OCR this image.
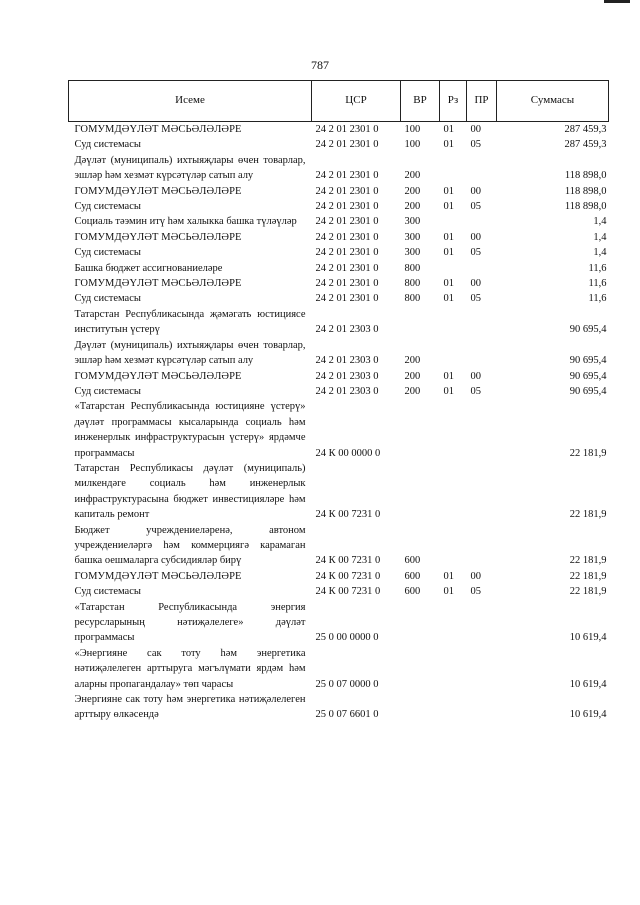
787
Исеме	ЦСР	ВР	Рз	ПР	Суммасы
ГОМУМДӘҮЛӘТ МӘСЬӘЛӘЛӘРЕ	24 2 01 2301 0	100	01	00	287 459,3
Суд системасы	24 2 01 2301 0	100	01	05	287 459,3
Дәүләт (муниципаль) ихтыяҗлары өчен товарлар, эшләр һәм хезмәт күрсәтүләр сатып алу	24 2 01 2301 0	200			118 898,0
ГОМУМДӘҮЛӘТ МӘСЬӘЛӘЛӘРЕ	24 2 01 2301 0	200	01	00	118 898,0
Суд системасы	24 2 01 2301 0	200	01	05	118 898,0
Социаль тәэмин итү һәм халыкка башка түләүләр	24 2 01 2301 0	300			1,4
ГОМУМДӘҮЛӘТ МӘСЬӘЛӘЛӘРЕ	24 2 01 2301 0	300	01	00	1,4
Суд системасы	24 2 01 2301 0	300	01	05	1,4
Башка бюджет ассигнованиеләре	24 2 01 2301 0	800			11,6
ГОМУМДӘҮЛӘТ МӘСЬӘЛӘЛӘРЕ	24 2 01 2301 0	800	01	00	11,6
Суд системасы	24 2 01 2301 0	800	01	05	11,6
Татарстан Республикасында җәмәгать юстициясе институтын үстерү	24 2 01 2303 0				90 695,4
Дәүләт (муниципаль) ихтыяҗлары өчен товарлар, эшләр һәм хезмәт күрсәтүләр сатып алу	24 2 01 2303 0	200			90 695,4
ГОМУМДӘҮЛӘТ МӘСЬӘЛӘЛӘРЕ	24 2 01 2303 0	200	01	00	90 695,4
Суд системасы	24 2 01 2303 0	200	01	05	90 695,4
«Татарстан Республикасында юстицияне үстерү» дәүләт программасы кысаларында социаль һәм инженерлык инфраструктурасын үстерү» ярдәмче программасы	24 К 00 0000 0				22 181,9
Татарстан Республикасы дәүләт (муниципаль) милкендәге социаль һәм инженерлык инфраструктурасына бюджет инвестицияләре һәм капиталь ремонт	24 К 00 7231 0				22 181,9
Бюджет учреждениеләренә, автоном учреждениеләргә һәм коммерциягә карамаган башка оешмаларга субсидияләр бирү	24 К 00 7231 0	600			22 181,9
ГОМУМДӘҮЛӘТ МӘСЬӘЛӘЛӘРЕ	24 К 00 7231 0	600	01	00	22 181,9
Суд системасы	24 К 00 7231 0	600	01	05	22 181,9
«Татарстан Республикасында энергия ресурсларының нәтиҗәлелеге» дәүләт программасы	25 0 00 0000 0				10 619,4
«Энергияне сак тоту һәм энергетика нәтиҗәлелеген арттыруга мәгълүмати ярдәм һәм аларны пропагандалау» төп чарасы	25 0 07 0000 0				10 619,4
Энергияне сак тоту һәм энергетика нәтиҗәлелеген арттыру өлкәсендә	25 0 07 6601 0				10 619,4
